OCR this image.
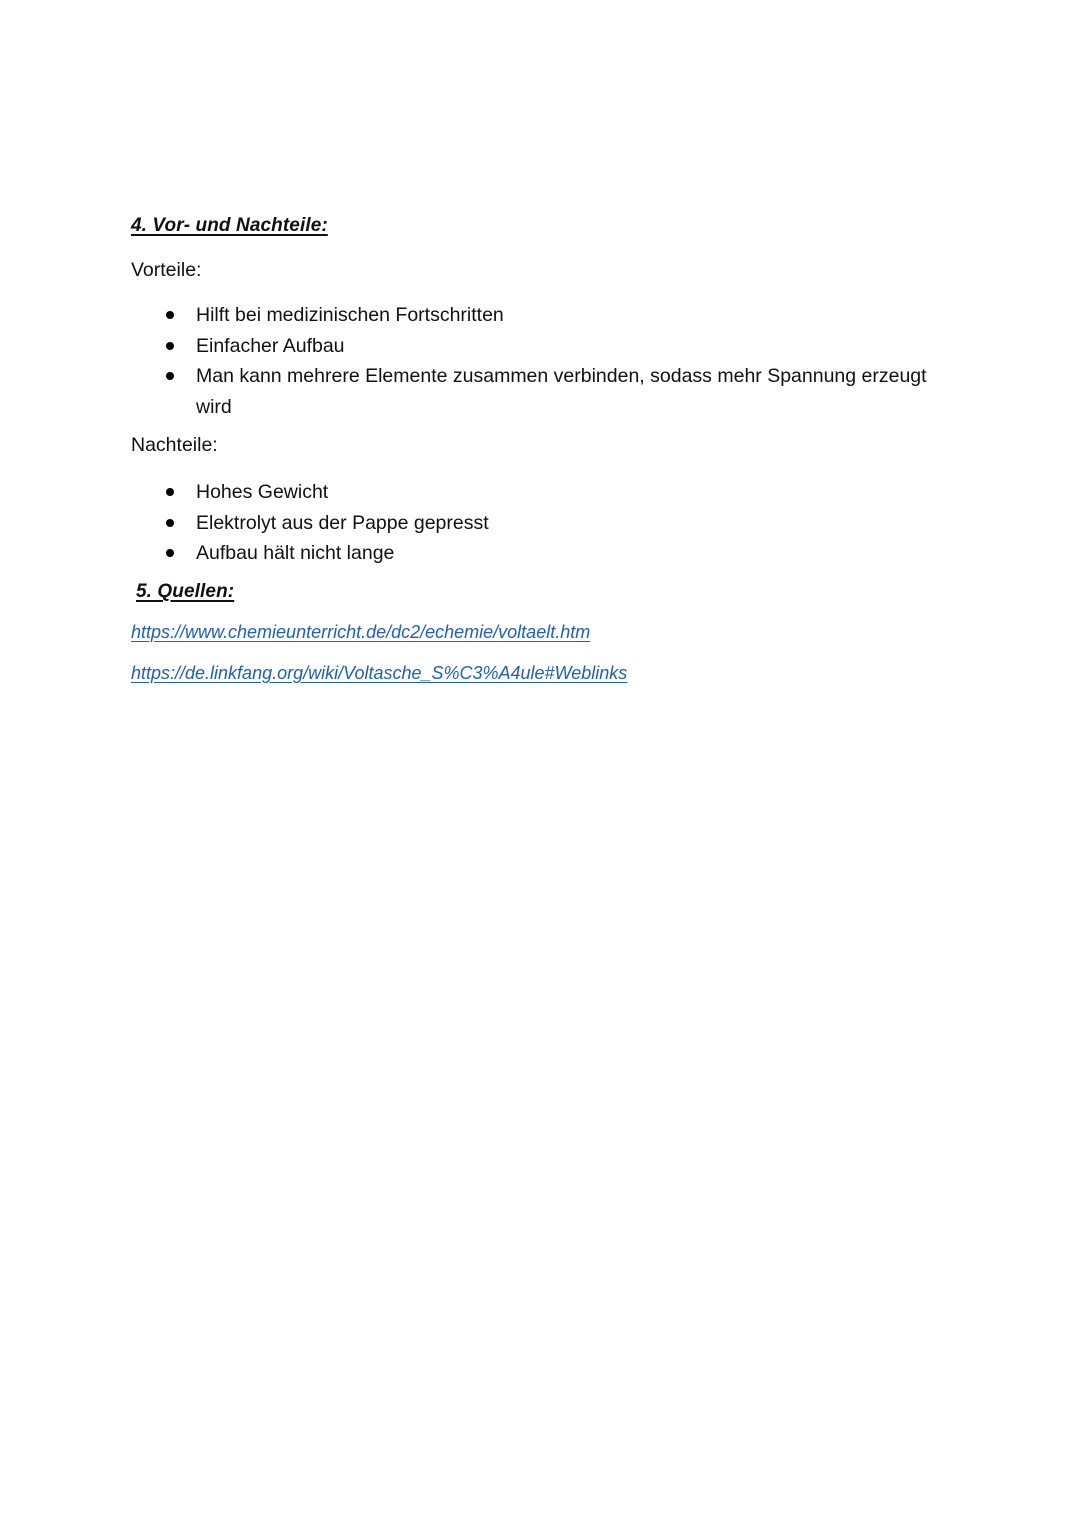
4. Vor- und Nachteile:
Vorteile:
Hilft bei medizinischen Fortschritten
Einfacher Aufbau
Man kann mehrere Elemente zusammen verbinden, sodass mehr Spannung erzeugt wird
Nachteile:
Hohes Gewicht
Elektrolyt aus der Pappe gepresst
Aufbau hält nicht lange
5. Quellen:
https://www.chemieunterricht.de/dc2/echemie/voltaelt.htm
https://de.linkfang.org/wiki/Voltasche_S%C3%A4ule#Weblinks
